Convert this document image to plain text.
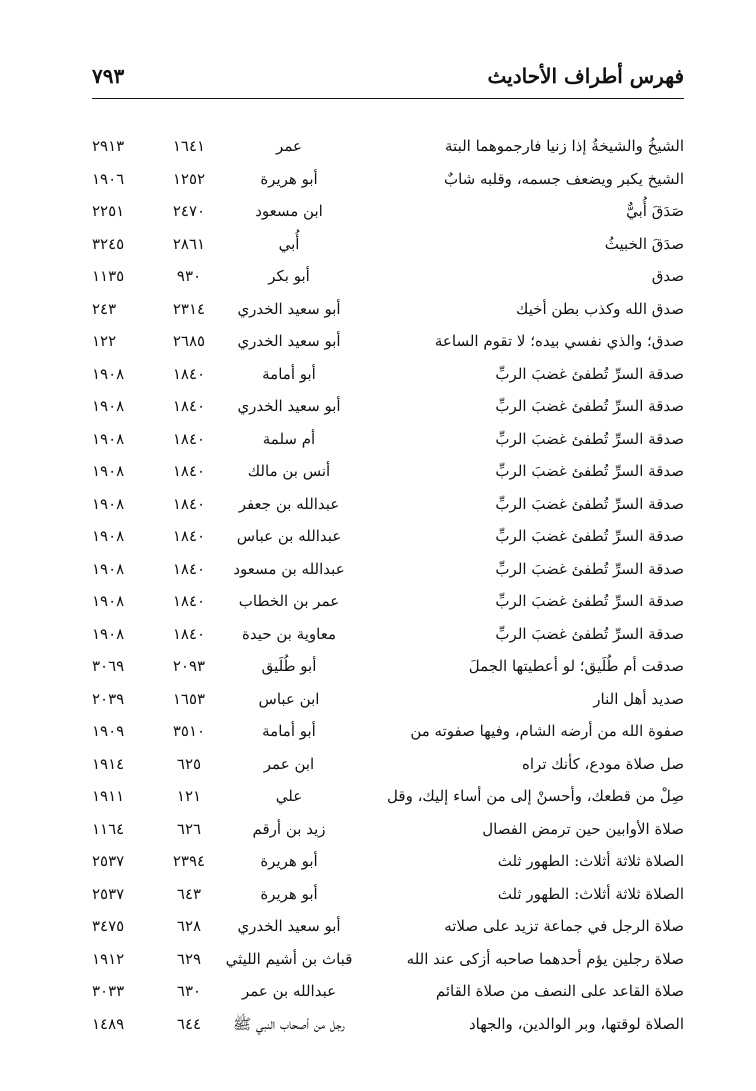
فهرس أطراف الأحاديث
٧٩٣
الشيخُ والشيخةُ إذا زنيا فارجموهما البتة
عمر
١٦٤١
٢٩١٣
الشيخ يكبر ويضعف جسمه، وقلبه شابٌ
أبو هريرة
١٢٥٢
١٩٠٦
صَدَقَ أُبيٌّ
ابن مسعود
٢٤٧٠
٢٢٥١
صدَقَ الخبيثُ
أُبي
٢٨٦١
٣٢٤٥
صدق
أبو بكر
٩٣٠
١١٣٥
صدق الله وكذب بطن أخيك
أبو سعيد الخدري
٢٣١٤
٢٤٣
صدق؛ والذي نفسي بيده؛ لا تقوم الساعة
أبو سعيد الخدري
٢٦٨٥
١٢٢
صدقة السرِّ تُطفئ غضبَ الربِّ
أبو أمامة
١٨٤٠
١٩٠٨
صدقة السرِّ تُطفئ غضبَ الربِّ
أبو سعيد الخدري
١٨٤٠
١٩٠٨
صدقة السرِّ تُطفئ غضبَ الربِّ
أم سلمة
١٨٤٠
١٩٠٨
صدقة السرِّ تُطفئ غضبَ الربِّ
أنس بن مالك
١٨٤٠
١٩٠٨
صدقة السرِّ تُطفئ غضبَ الربِّ
عبدالله بن جعفر
١٨٤٠
١٩٠٨
صدقة السرِّ تُطفئ غضبَ الربِّ
عبدالله بن عباس
١٨٤٠
١٩٠٨
صدقة السرِّ تُطفئ غضبَ الربِّ
عبدالله بن مسعود
١٨٤٠
١٩٠٨
صدقة السرِّ تُطفئ غضبَ الربِّ
عمر بن الخطاب
١٨٤٠
١٩٠٨
صدقة السرِّ تُطفئ غضبَ الربِّ
معاوية بن حيدة
١٨٤٠
١٩٠٨
صدقت أم طُلَيق؛ لو أعطيتها الجملَ
أبو طُلَيق
٢٠٩٣
٣٠٦٩
صديد أهل النار
ابن عباس
١٦٥٣
٢٠٣٩
صفوة الله من أرضه الشام، وفيها صفوته من
أبو أمامة
٣٥١٠
١٩٠٩
صل صلاة مودع، كأنك تراه
ابن عمر
٦٢٥
١٩١٤
صِلْ من قطعك، وأحسنْ إلى من أساء إليك، وقل
علي
١٢١
١٩١١
صلاة الأوابين حين ترمض الفصال
زيد بن أرقم
٦٢٦
١١٦٤
الصلاة ثلاثة أثلاث: الطهور ثلث
أبو هريرة
٢٣٩٤
٢٥٣٧
الصلاة ثلاثة أثلاث: الطهور ثلث
أبو هريرة
٦٤٣
٢٥٣٧
صلاة الرجل في جماعة تزيد على صلاته
أبو سعيد الخدري
٦٢٨
٣٤٧٥
صلاة رجلين يؤم أحدهما صاحبه أزكى عند الله
قباث بن أشيم الليثي
٦٢٩
١٩١٢
صلاة القاعد على النصف من صلاة القائم
عبدالله بن عمر
٦٣٠
٣٠٣٣
الصلاة لوقتها، وبر الوالدين، والجهاد
رجل من أصحاب النبي ﷺ
٦٤٤
١٤٨٩
